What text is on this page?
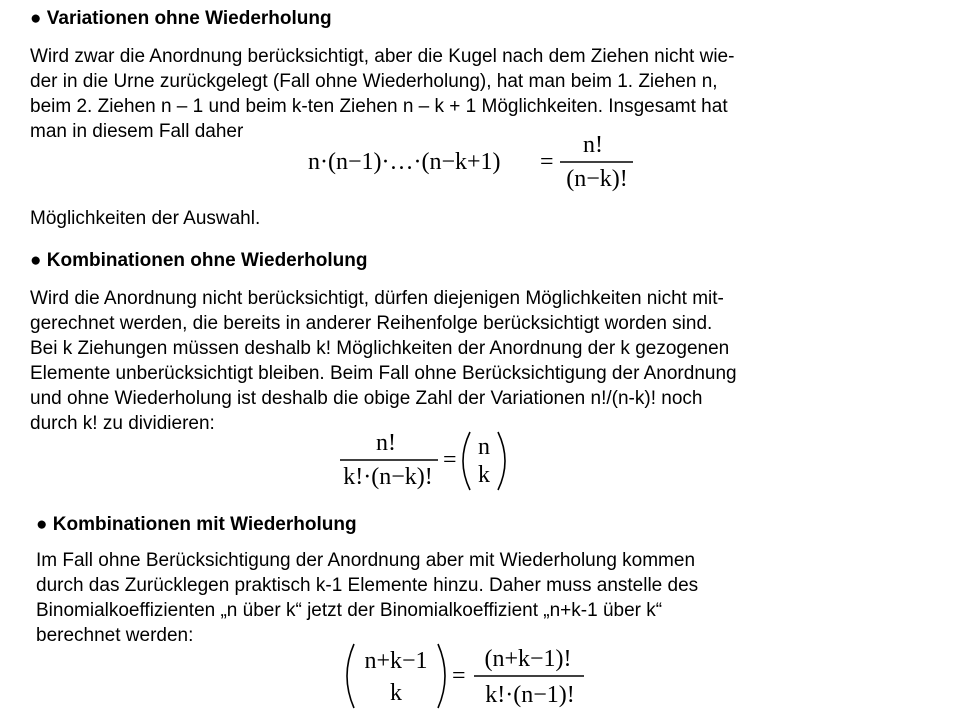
● Variationen ohne Wiederholung
Wird zwar die Anordnung berücksichtigt, aber die Kugel nach dem Ziehen nicht wie-
der in die Urne zurückgelegt (Fall ohne Wiederholung), hat man beim 1. Ziehen n,
beim 2. Ziehen n – 1 und beim k-ten Ziehen n – k + 1 Möglichkeiten. Insgesamt hat
man in diesem Fall daher
n·(n−1)·…·(n−k+1) =
n!
(n−k)!
Möglichkeiten der Auswahl.
● Kombinationen ohne Wiederholung
Wird die Anordnung nicht berücksichtigt, dürfen diejenigen Möglichkeiten nicht mit-
gerechnet werden, die bereits in anderer Reihenfolge berücksichtigt worden sind.
Bei k Ziehungen müssen deshalb k! Möglichkeiten der Anordnung der k gezogenen
Elemente unberücksichtigt bleiben. Beim Fall ohne Berücksichtigung der Anordnung
und ohne Wiederholung ist deshalb die obige Zahl der Variationen n!/(n-k)! noch
durch k! zu dividieren:
n!
k!·(n−k)!
= n
k
● Kombinationen mit Wiederholung
Im Fall ohne Berücksichtigung der Anordnung aber mit Wiederholung kommen
durch das Zurücklegen praktisch k-1 Elemente hinzu. Daher muss anstelle des
Binomialkoeffizienten „n über k“ jetzt der Binomialkoeffizient „n+k-1 über k“
berechnet werden:
n+k−1
k
=
(n+k−1)!
k!·(n−1)!
